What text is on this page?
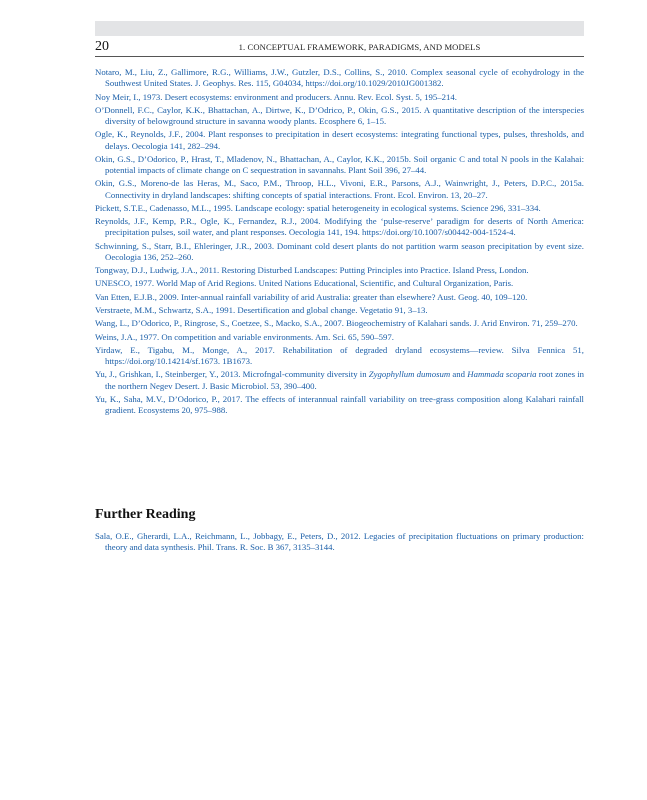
20	1. CONCEPTUAL FRAMEWORK, PARADIGMS, AND MODELS

Notaro, M., Liu, Z., Gallimore, R.G., Williams, J.W., Gutzler, D.S., Collins, S., 2010. Complex seasonal cycle of ecohydrology in the Southwest United States. J. Geophys. Res. 115, G04034, https://doi.org/10.1029/2010JG001382.

Noy Meir, I., 1973. Desert ecosystems: environment and producers. Annu. Rev. Ecol. Syst. 5, 195–214.

O’Donnell, F.C., Caylor, K.K., Bhattachan, A., Dirtwe, K., D’Odrico, P., Okin, G.S., 2015. A quantitative description of the interspecies diversity of belowground structure in savanna woody plants. Ecosphere 6, 1–15.

Ogle, K., Reynolds, J.F., 2004. Plant responses to precipitation in desert ecosystems: integrating functional types, pulses, thresholds, and delays. Oecologia 141, 282–294.

Okin, G.S., D’Odorico, P., Hrast, T., Mladenov, N., Bhattachan, A., Caylor, K.K., 2015b. Soil organic C and total N pools in the Kalahai: potential impacts of climate change on C sequestration in savannahs. Plant Soil 396, 27–44.

Okin, G.S., Moreno-de las Heras, M., Saco, P.M., Throop, H.L., Vivoni, E.R., Parsons, A.J., Wainwright, J., Peters, D.P.C., 2015a. Connectivity in dryland landscapes: shifting concepts of spatial interactions. Front. Ecol. Environ. 13, 20–27.

Pickett, S.T.E., Cadenasso, M.L., 1995. Landscape ecology: spatial heterogeneity in ecological systems. Science 296, 331–334.

Reynolds, J.F., Kemp, P.R., Ogle, K., Fernandez, R.J., 2004. Modifying the ‘pulse-reserve’ paradigm for deserts of North America: precipitation pulses, soil water, and plant responses. Oecologia 141, 194. https://doi.org/10.1007/s00442-004-1524-4.

Schwinning, S., Starr, B.I., Ehleringer, J.R., 2003. Dominant cold desert plants do not partition warm season precipitation by event size. Oecologia 136, 252–260.

Tongway, D.J., Ludwig, J.A., 2011. Restoring Disturbed Landscapes: Putting Principles into Practice. Island Press, London.

UNESCO, 1977. World Map of Arid Regions. United Nations Educational, Scientific, and Cultural Organization, Paris.

Van Etten, E.J.B., 2009. Inter-annual rainfall variability of arid Australia: greater than elsewhere? Aust. Geog. 40, 109–120.

Verstraete, M.M., Schwartz, S.A., 1991. Desertification and global change. Vegetatio 91, 3–13.

Wang, L., D’Odorico, P., Ringrose, S., Coetzee, S., Macko, S.A., 2007. Biogeochemistry of Kalahari sands. J. Arid Environ. 71, 259–270.

Weins, J.A., 1977. On competition and variable environments. Am. Sci. 65, 590–597.

Yirdaw, E., Tigabu, M., Monge, A., 2017. Rehabilitation of degraded dryland ecosystems—review. Silva Fennica 51, https://doi.org/10.14214/sf.1673. 1B1673.

Yu, J., Grishkan, I., Steinberger, Y., 2013. Microfngal-community diversity in Zygophyllum dumosum and Hammada scoparia root zones in the northern Negev Desert. J. Basic Microbiol. 53, 390–400.

Yu, K., Saha, M.V., D’Odorico, P., 2017. The effects of interannual rainfall variability on tree-grass composition along Kalahari rainfall gradient. Ecosystems 20, 975–988.

Further Reading

Sala, O.E., Gherardi, L.A., Reichmann, L., Jobbagy, E., Peters, D., 2012. Legacies of precipitation fluctuations on primary production: theory and data synthesis. Phil. Trans. R. Soc. B 367, 3135–3144.
